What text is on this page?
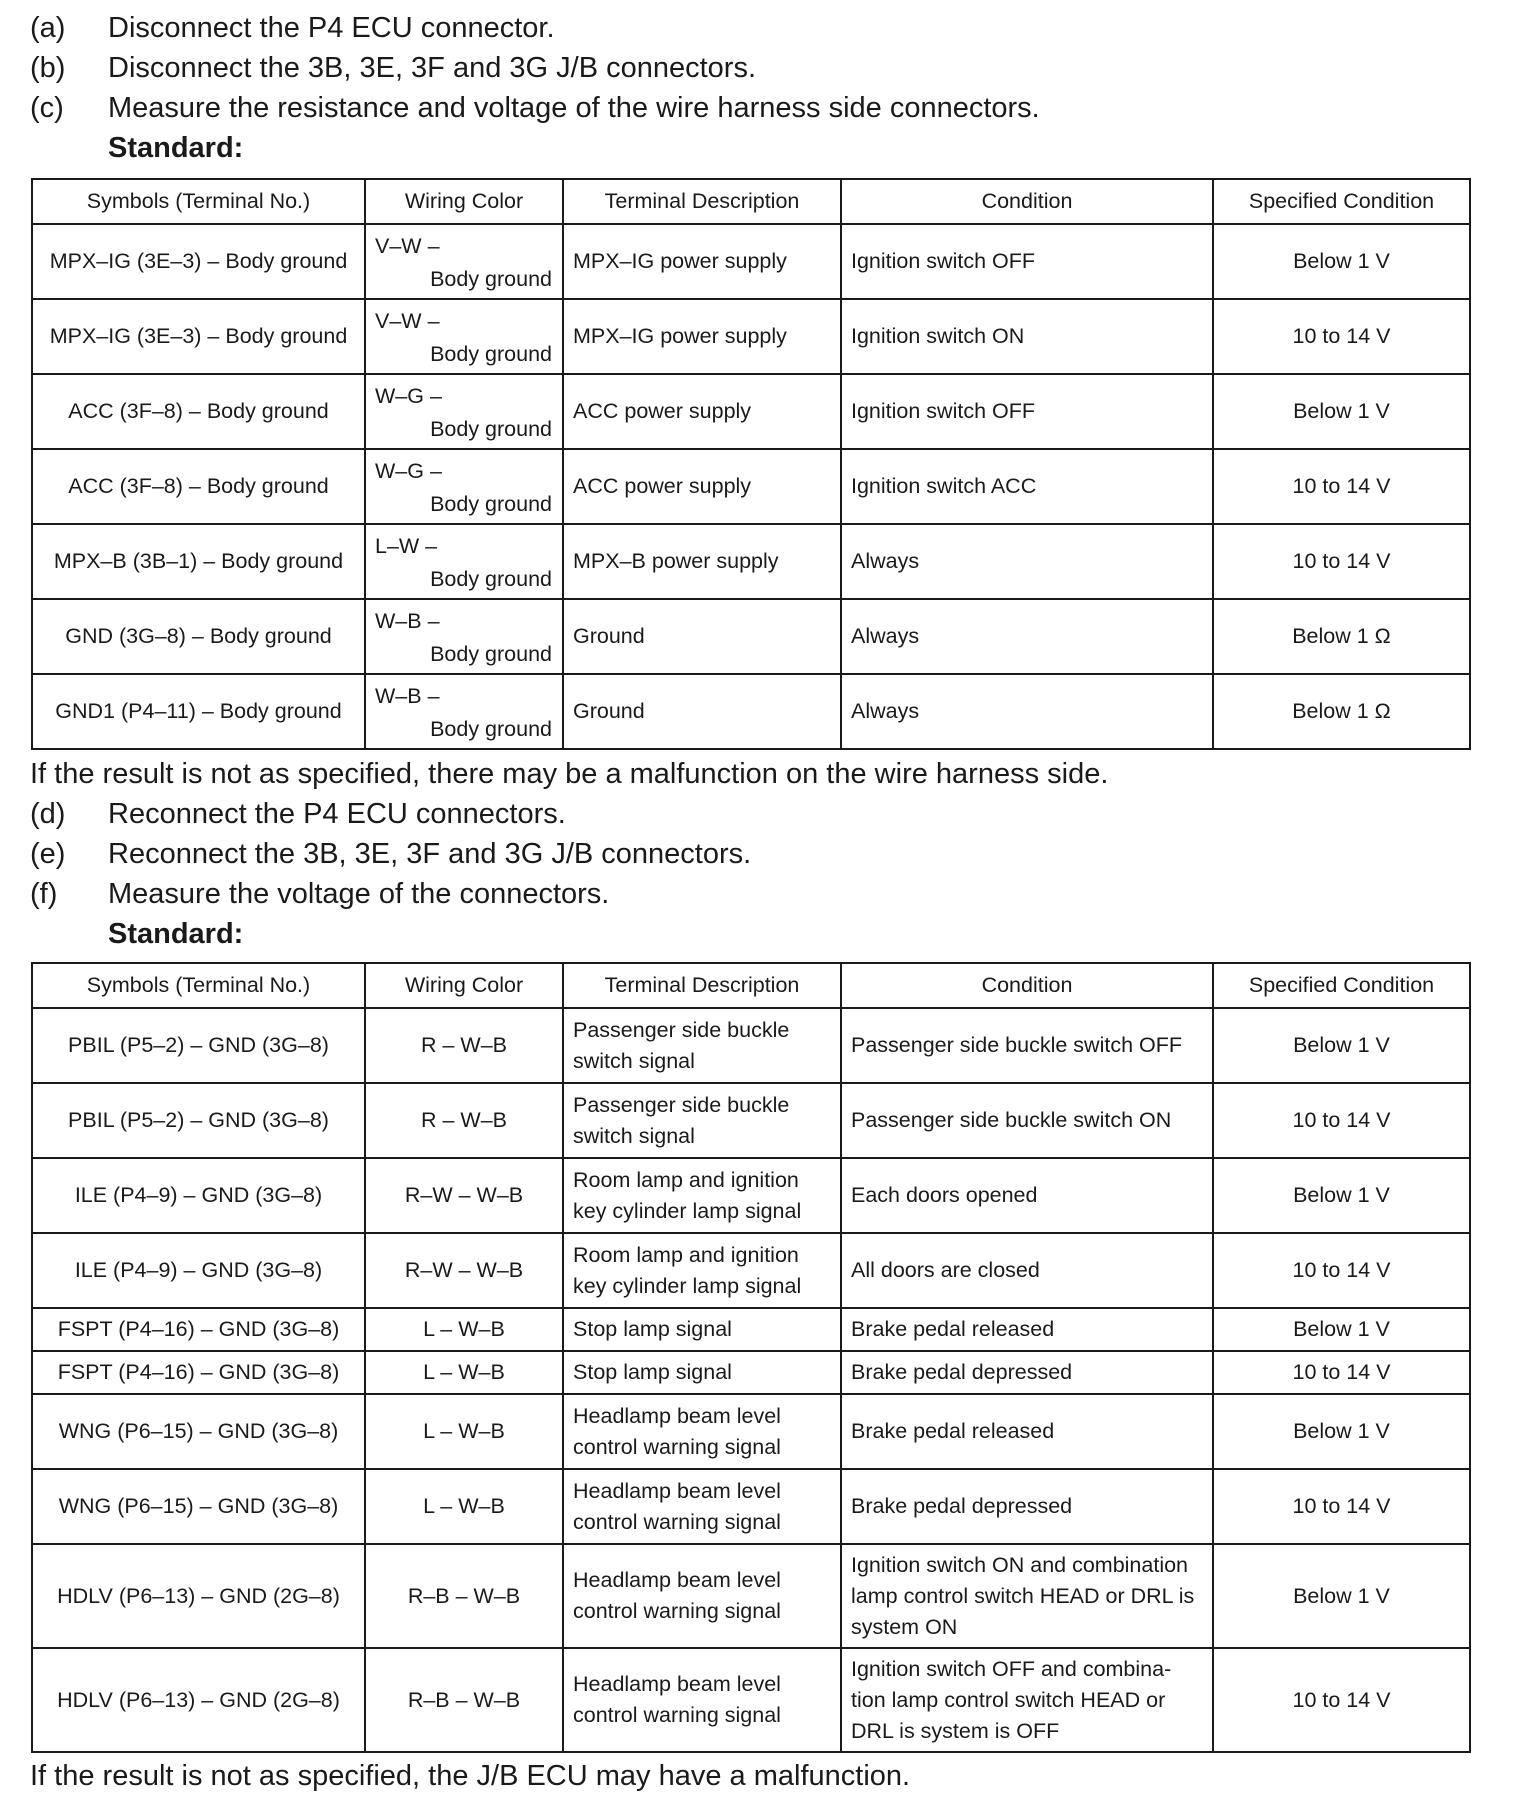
(a) Disconnect the P4 ECU connector.
(b) Disconnect the 3B, 3E, 3F and 3G J/B connectors.
(c) Measure the resistance and voltage of the wire harness side connectors.
Standard:
Symbols (Terminal No.)	Wiring Color	Terminal Description	Condition	Specified Condition
MPX–IG (3E–3) – Body ground	V–W –
Body ground	MPX–IG power supply	Ignition switch OFF	Below 1 V
MPX–IG (3E–3) – Body ground	V–W –
Body ground	MPX–IG power supply	Ignition switch ON	10 to 14 V
ACC (3F–8) – Body ground	W–G –
Body ground	ACC power supply	Ignition switch OFF	Below 1 V
ACC (3F–8) – Body ground	W–G –
Body ground	ACC power supply	Ignition switch ACC	10 to 14 V
MPX–B (3B–1) – Body ground	L–W –
Body ground	MPX–B power supply	Always	10 to 14 V
GND (3G–8) – Body ground	W–B –
Body ground	Ground	Always	Below 1 Ω
GND1 (P4–11) – Body ground	W–B –
Body ground	Ground	Always	Below 1 Ω
If the result is not as specified, there may be a malfunction on the wire harness side.
(d) Reconnect the P4 ECU connectors.
(e) Reconnect the 3B, 3E, 3F and 3G J/B connectors.
(f) Measure the voltage of the connectors.
Standard:
Symbols (Terminal No.)	Wiring Color	Terminal Description	Condition	Specified Condition
PBIL (P5–2) – GND (3G–8)	R – W–B	Passenger side buckle switch signal	Passenger side buckle switch OFF	Below 1 V
PBIL (P5–2) – GND (3G–8)	R – W–B	Passenger side buckle switch signal	Passenger side buckle switch ON	10 to 14 V
ILE (P4–9) – GND (3G–8)	R–W – W–B	Room lamp and ignition key cylinder lamp signal	Each doors opened	Below 1 V
ILE (P4–9) – GND (3G–8)	R–W – W–B	Room lamp and ignition key cylinder lamp signal	All doors are closed	10 to 14 V
FSPT (P4–16) – GND (3G–8)	L – W–B	Stop lamp signal	Brake pedal released	Below 1 V
FSPT (P4–16) – GND (3G–8)	L – W–B	Stop lamp signal	Brake pedal depressed	10 to 14 V
WNG (P6–15) – GND (3G–8)	L – W–B	Headlamp beam level control warning signal	Brake pedal released	Below 1 V
WNG (P6–15) – GND (3G–8)	L – W–B	Headlamp beam level control warning signal	Brake pedal depressed	10 to 14 V
HDLV (P6–13) – GND (2G–8)	R–B – W–B	Headlamp beam level control warning signal	Ignition switch ON and combination lamp control switch HEAD or DRL is system ON	Below 1 V
HDLV (P6–13) – GND (2G–8)	R–B – W–B	Headlamp beam level control warning signal	Ignition switch OFF and combina-tion lamp control switch HEAD or DRL is system is OFF	10 to 14 V
If the result is not as specified, the J/B ECU may have a malfunction.
